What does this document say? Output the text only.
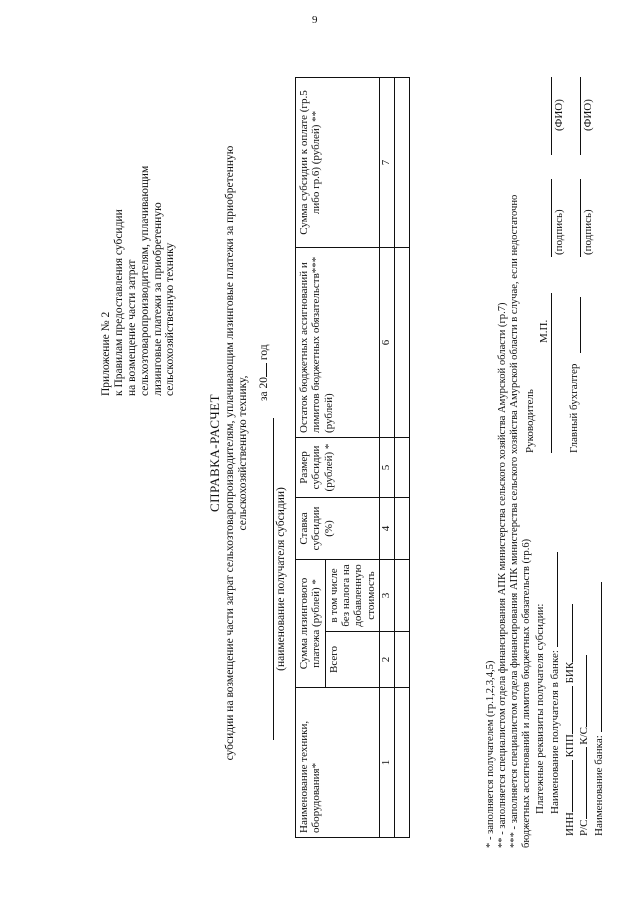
9
Приложение № 2 к Правилам предоставления субсидии на возмещение части затрат сельхозтоваропроизводителям, уплачивающим лизинговые платежи за приобретенную сельскохозяйственную технику
СПРАВКА-РАСЧЕТ субсидии на возмещение части затрат сельхозтоваропроизводителям, уплачивающим лизинговые платежи за приобретенную сельскохозяйственную технику,
(наименование получателя субсидии)
за 20 год
Наименование техники, оборудования*	Сумма лизингового платежа (рублей) *		Ставка субсидии (%)	Размер субсидии (рублей) *	Остаток бюджетных ассигнований и лимитов бюджетных обязательств*** (рублей)	Сумма субсидии к оплате (гр.5 либо гр.6) (рублей) **
	Всего	в том числе без налога на добавленную стоимость				
1	2	3	4	5	6	7

* - заполняется получателем (гр.1,2,3,4,5) ** - заполняется специалистом отдела финансирования АПК министерства сельского хозяйства Амурской области (гр.7) *** - заполняется специалистом отдела финансирования АПК министерства сельского хозяйства Амурской области в случае, если недостаточно бюджетных ассигнований и лимитов бюджетных обязательств (гр.6) Платежные реквизиты получателя субсидии: Наименование получателя в банке:
ИНН КПП БИК
Р/С К/С Наименование банка:
Руководитель
М.П.
(подпись)
(ФИО)
Главный бухгалтер
(подпись)
(ФИО)
